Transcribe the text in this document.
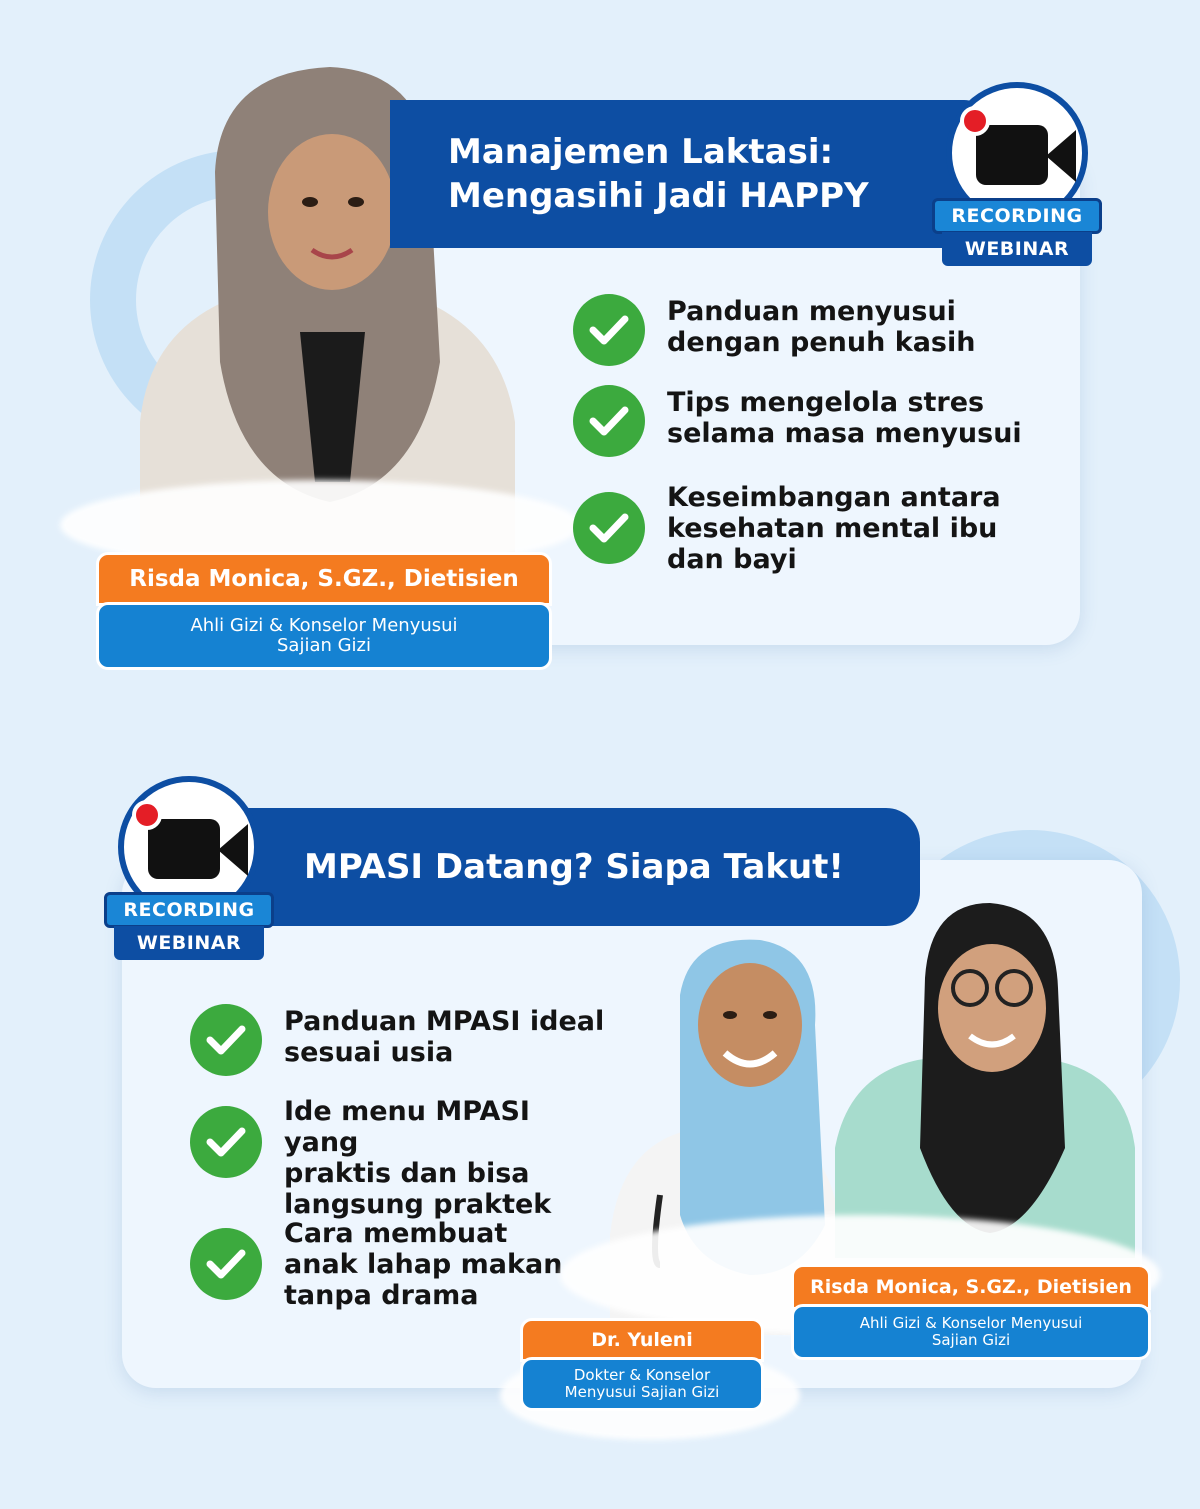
Manajemen Laktasi:
Mengasihi Jadi HAPPY	RECORDING
WEBINAR
Panduan menyusui
dengan penuh kasih
Tips mengelola stres
selama masa menyusui
Keseimbangan antara
kesehatan mental ibu
dan bayi
Risda Monica, S.GZ., Dietisien
Ahli Gizi & Konselor Menyusui
Sajian Gizi
MPASI Datang? Siapa Takut!
RECORDING
WEBINAR
Panduan MPASI ideal
sesuai usia
Ide menu MPASI yang
praktis dan bisa
langsung praktek
Cara membuat
anak lahap makan
tanpa drama
Dr. Yuleni
Dokter & Konselor
Menyusui Sajian Gizi
Risda Monica, S.GZ., Dietisien
Ahli Gizi & Konselor Menyusui
Sajian Gizi
